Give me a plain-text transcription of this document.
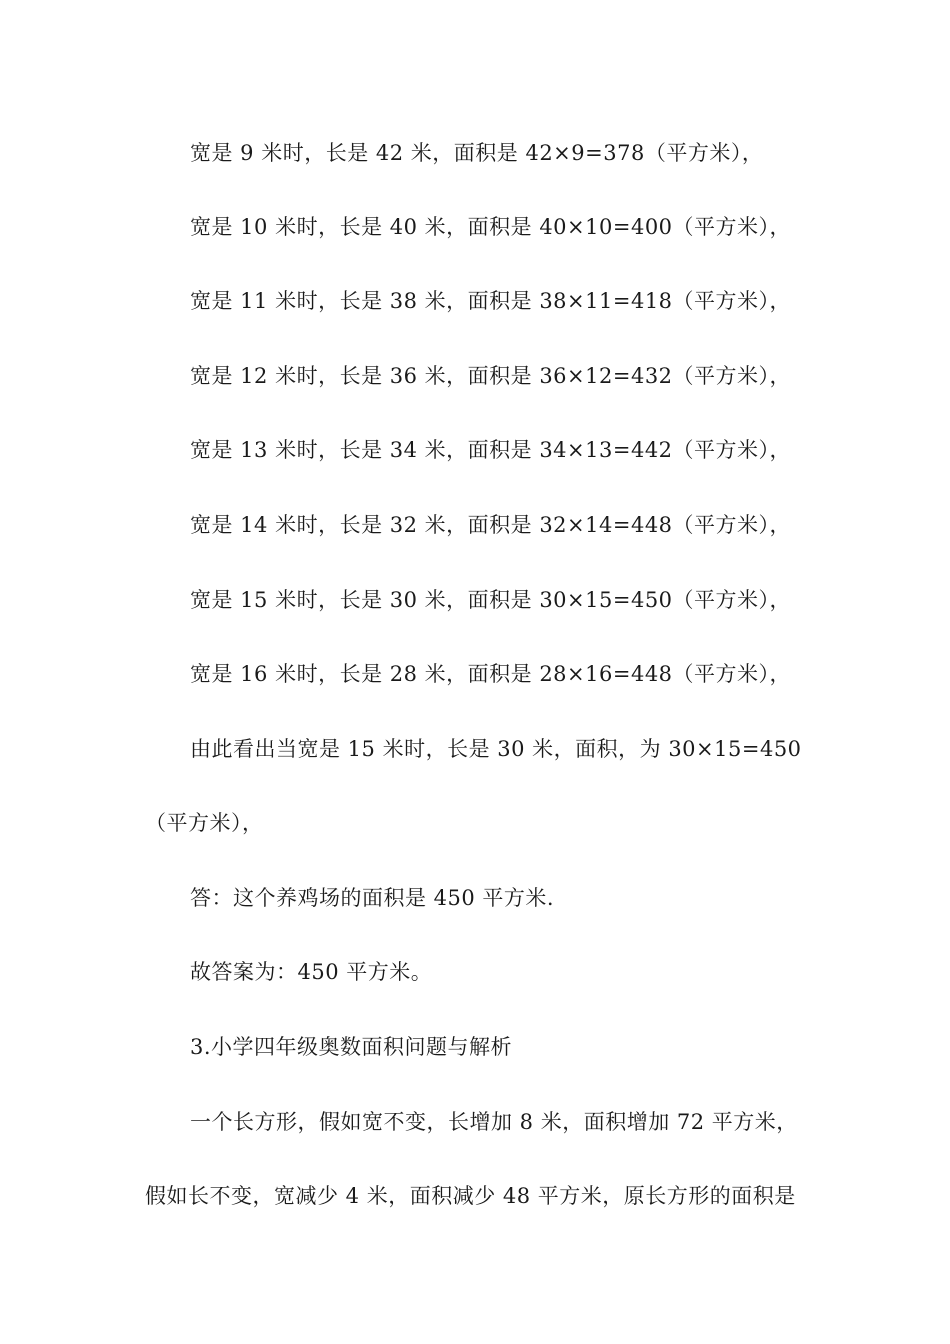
宽是 9 米时，长是 42 米，面积是 42×9=378（平方米），
宽是 10 米时，长是 40 米，面积是 40×10=400（平方米），
宽是 11 米时，长是 38 米，面积是 38×11=418（平方米），
宽是 12 米时，长是 36 米，面积是 36×12=432（平方米），
宽是 13 米时，长是 34 米，面积是 34×13=442（平方米），
宽是 14 米时，长是 32 米，面积是 32×14=448（平方米），
宽是 15 米时，长是 30 米，面积是 30×15=450（平方米），
宽是 16 米时，长是 28 米，面积是 28×16=448（平方米），
由此看出当宽是 15 米时，长是 30 米，面积，为 30×15=450
（平方米），
答：这个养鸡场的面积是 450 平方米.
故答案为：450 平方米。
3.小学四年级奥数面积问题与解析
一个长方形，假如宽不变，长增加 8 米，面积增加 72 平方米，
假如长不变，宽减少 4 米，面积减少 48 平方米，原长方形的面积是
